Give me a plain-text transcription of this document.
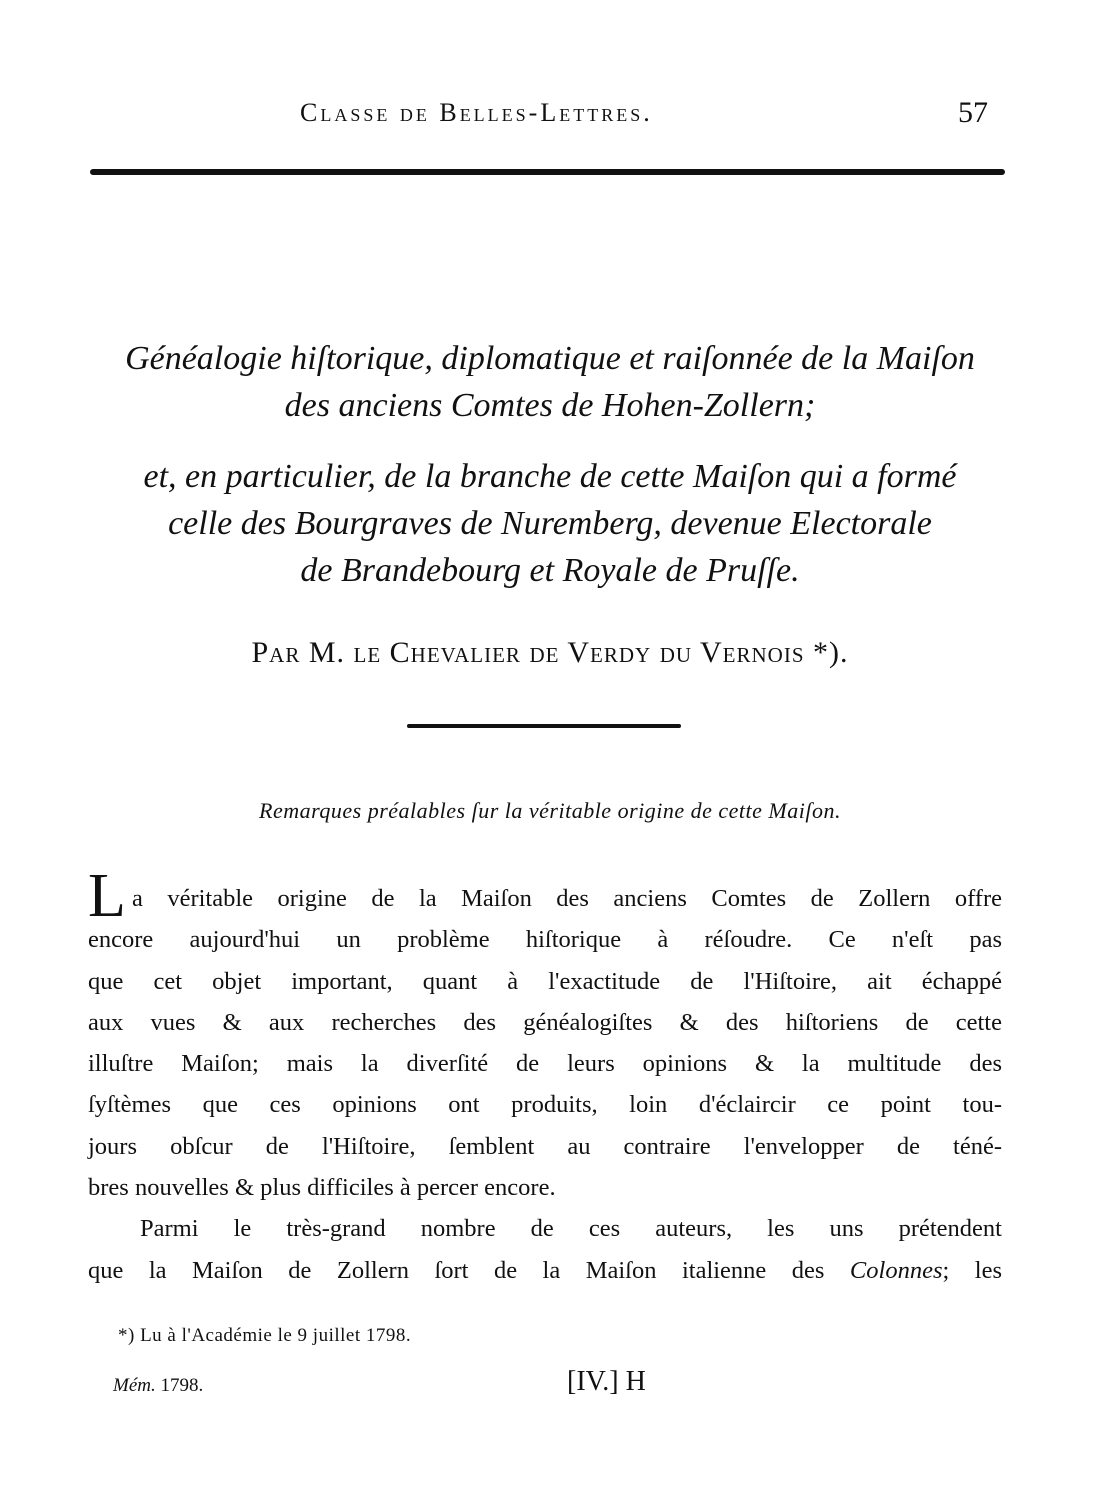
Classe de Belles-Lettres.	57
Généalogie hiſtorique, diplomatique et raiſonnée de la Maiſon
des anciens Comtes de Hohen-Zollern;
et, en particulier, de la branche de cette Maiſon qui a formé
celle des Bourgraves de Nuremberg, devenue Electorale
de Brandebourg et Royale de Pruſſe.
Par M. le Chevalier de Verdy du Vernois *).
Remarques préalables ſur la véritable origine de cette Maiſon.
L a véritable origine de la Maiſon des anciens Comtes de Zollern offre
encore aujourd'hui un problème hiſtorique à réſoudre. Ce n'eſt pas
que cet objet important, quant à l'exactitude de l'Hiſtoire, ait échappé
aux vues & aux recherches des généalogiſtes & des hiſtoriens de cette
illuſtre Maiſon; mais la diverſité de leurs opinions & la multitude des
ſyſtèmes que ces opinions ont produits, loin d'éclaircir ce point tou-
jours obſcur de l'Hiſtoire, ſemblent au contraire l'envelopper de téné-
bres nouvelles & plus difficiles à percer encore.
Parmi le très-grand nombre de ces auteurs, les uns prétendent
que la Maiſon de Zollern ſort de la Maiſon italienne des Colonnes; les
*) Lu à l'Académie le 9 juillet 1798.
Mém. 1798.	[IV.] H
